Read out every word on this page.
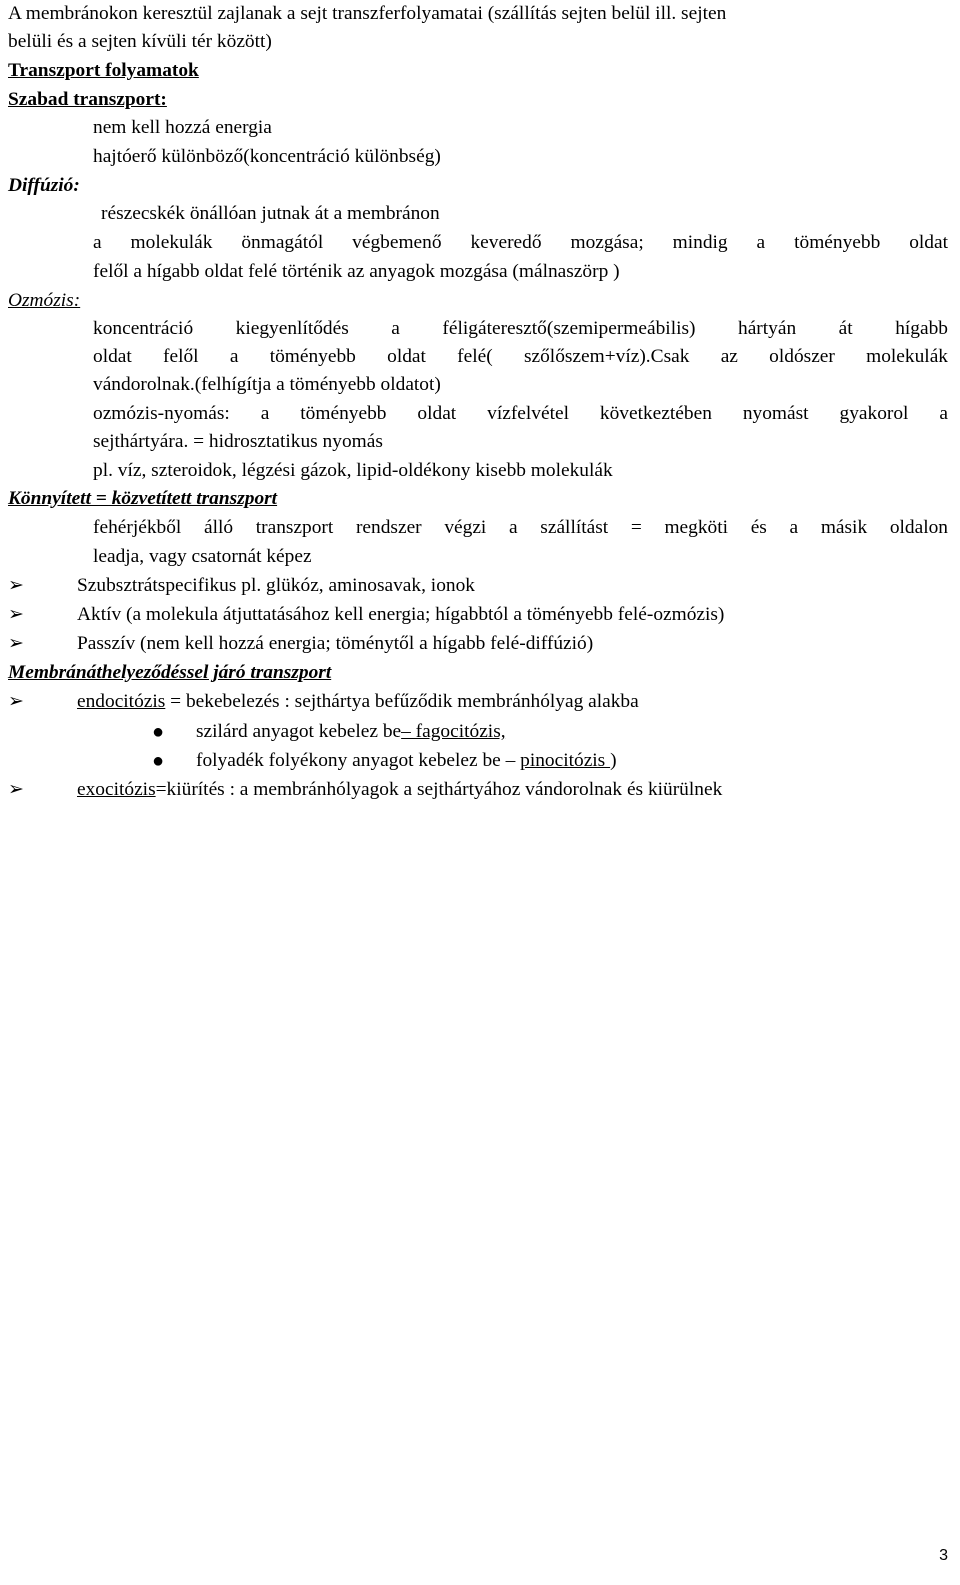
A membránokon keresztül zajlanak a sejt transzferfolyamatai (szállítás sejten belül ill. sejten
belüli és a sejten kívüli tér között)
Transzport folyamatok
Szabad transzport:
nem kell hozzá energia
hajtóerő különböző(koncentráció különbség)
Diffúzió:
részecskék önállóan jutnak át a membránon
a molekulák önmagától végbemenő keveredő mozgása; mindig a töményebb oldat
felől a hígabb oldat felé történik az anyagok mozgása (málnaszörp )
Ozmózis:
koncentráció kiegyenlítődés a féligáteresztő(szemipermeábilis) hártyán át hígabb
oldat felől a töményebb oldat felé( szőlőszem+víz).Csak az oldószer molekulák
vándorolnak.(felhígítja a töményebb oldatot)
ozmózis-nyomás: a töményebb oldat vízfelvétel következtében nyomást gyakorol a
sejthártyára. = hidrosztatikus nyomás
pl. víz, szteroidok, légzési gázok, lipid-oldékony kisebb molekulák
Könnyített = közvetített transzport
fehérjékből álló transzport rendszer végzi a szállítást = megköti és a másik oldalon
leadja, vagy csatornát képez
➢	Szubsztrátspecifikus pl. glükóz, aminosavak, ionok
➢	Aktív (a molekula átjuttatásához kell energia; hígabbtól a töményebb felé-ozmózis)
➢	Passzív (nem kell hozzá energia; töménytől a hígabb felé-diffúzió)
Membránáthelyeződéssel járó transzport
➢	endocitózis = bekebelezés : sejthártya befűződik membránhólyag alakba
● szilárd anyagot kebelez be– fagocitózis,
● folyadék folyékony anyagot kebelez be – pinocitózis )
➢	exocitózis=kiürítés : a membránhólyagok a sejthártyához vándorolnak és kiürülnek
3
